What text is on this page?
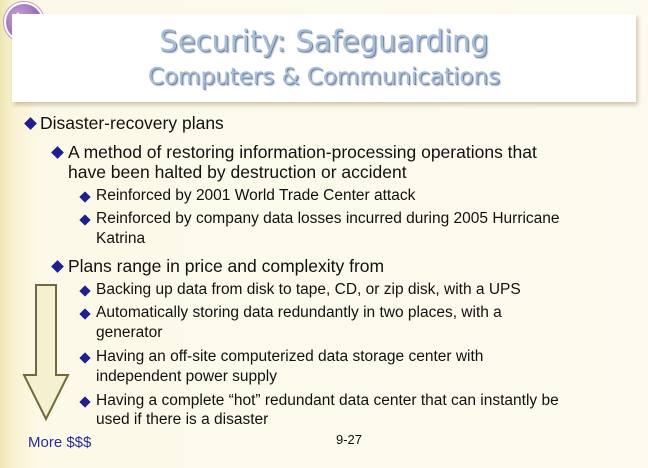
Security: Safeguarding
Computers & Communications
Disaster-recovery plans
A method of restoring information-processing operations that
have been halted by destruction or accident
Reinforced by 2001 World Trade Center attack
Reinforced by company data losses incurred during 2005 Hurricane
Katrina
Plans range in price and complexity from
Backing up data from disk to tape, CD, or zip disk, with a UPS
Automatically storing data redundantly in two places, with a
generator
Having an off-site computerized data storage center with
independent power supply
Having a complete “hot” redundant data center that can instantly be
used if there is a disaster
More $$$	9-27
